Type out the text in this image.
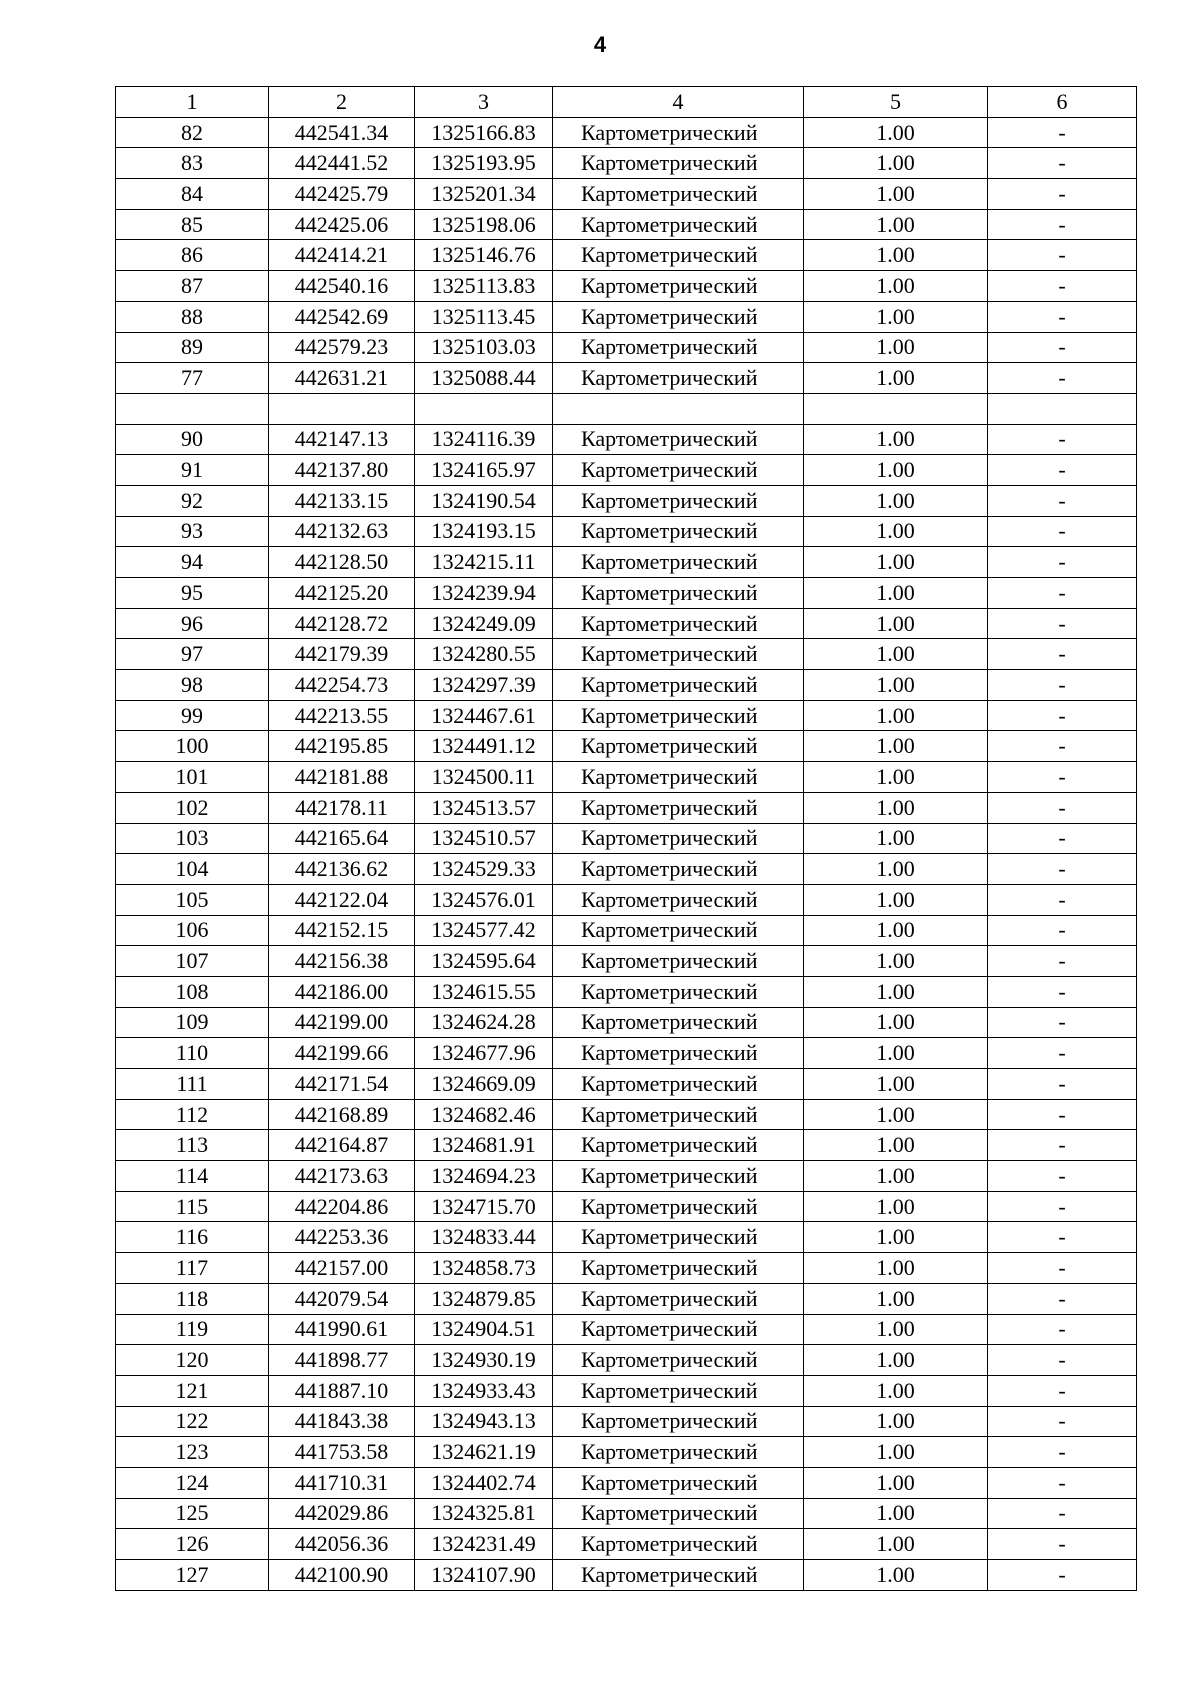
4
1	2	3	4	5	6
82	442541.34	1325166.83	Картометрический	1.00	-
83	442441.52	1325193.95	Картометрический	1.00	-
84	442425.79	1325201.34	Картометрический	1.00	-
85	442425.06	1325198.06	Картометрический	1.00	-
86	442414.21	1325146.76	Картометрический	1.00	-
87	442540.16	1325113.83	Картометрический	1.00	-
88	442542.69	1325113.45	Картометрический	1.00	-
89	442579.23	1325103.03	Картометрический	1.00	-
77	442631.21	1325088.44	Картометрический	1.00	-

90	442147.13	1324116.39	Картометрический	1.00	-
91	442137.80	1324165.97	Картометрический	1.00	-
92	442133.15	1324190.54	Картометрический	1.00	-
93	442132.63	1324193.15	Картометрический	1.00	-
94	442128.50	1324215.11	Картометрический	1.00	-
95	442125.20	1324239.94	Картометрический	1.00	-
96	442128.72	1324249.09	Картометрический	1.00	-
97	442179.39	1324280.55	Картометрический	1.00	-
98	442254.73	1324297.39	Картометрический	1.00	-
99	442213.55	1324467.61	Картометрический	1.00	-
100	442195.85	1324491.12	Картометрический	1.00	-
101	442181.88	1324500.11	Картометрический	1.00	-
102	442178.11	1324513.57	Картометрический	1.00	-
103	442165.64	1324510.57	Картометрический	1.00	-
104	442136.62	1324529.33	Картометрический	1.00	-
105	442122.04	1324576.01	Картометрический	1.00	-
106	442152.15	1324577.42	Картометрический	1.00	-
107	442156.38	1324595.64	Картометрический	1.00	-
108	442186.00	1324615.55	Картометрический	1.00	-
109	442199.00	1324624.28	Картометрический	1.00	-
110	442199.66	1324677.96	Картометрический	1.00	-
111	442171.54	1324669.09	Картометрический	1.00	-
112	442168.89	1324682.46	Картометрический	1.00	-
113	442164.87	1324681.91	Картометрический	1.00	-
114	442173.63	1324694.23	Картометрический	1.00	-
115	442204.86	1324715.70	Картометрический	1.00	-
116	442253.36	1324833.44	Картометрический	1.00	-
117	442157.00	1324858.73	Картометрический	1.00	-
118	442079.54	1324879.85	Картометрический	1.00	-
119	441990.61	1324904.51	Картометрический	1.00	-
120	441898.77	1324930.19	Картометрический	1.00	-
121	441887.10	1324933.43	Картометрический	1.00	-
122	441843.38	1324943.13	Картометрический	1.00	-
123	441753.58	1324621.19	Картометрический	1.00	-
124	441710.31	1324402.74	Картометрический	1.00	-
125	442029.86	1324325.81	Картометрический	1.00	-
126	442056.36	1324231.49	Картометрический	1.00	-
127	442100.90	1324107.90	Картометрический	1.00	-
